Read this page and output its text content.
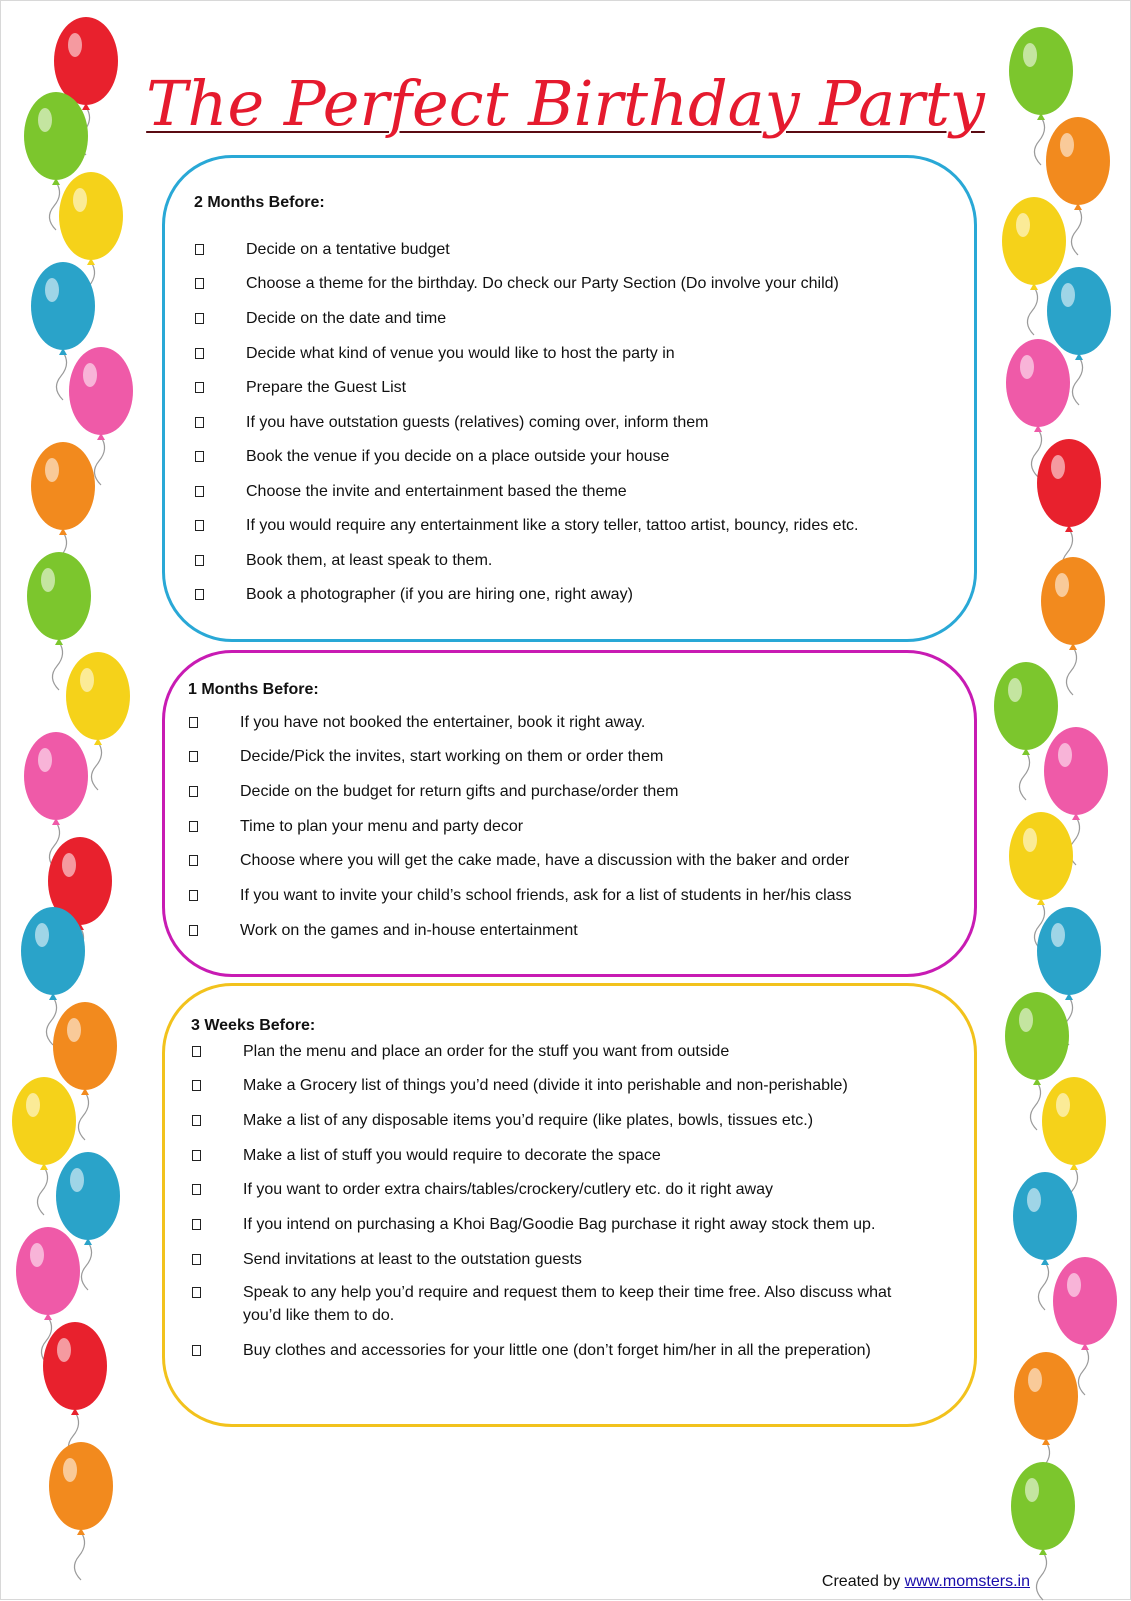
The Perfect Birthday Party
2 Months Before:
Decide on a tentative budget
Choose a theme for the birthday. Do check our Party Section (Do involve your child)
Decide on the date and time
Decide what kind of venue you would like to host the party in
Prepare the Guest List
If you have outstation guests (relatives) coming over, inform them
Book the venue if you decide on a place outside your house
Choose the invite and entertainment based the theme
If you would require any entertainment like a story teller, tattoo artist, bouncy, rides etc.
Book them, at least speak to them.
Book a photographer (if you are hiring one, right away)
1 Months Before:
If you have not booked the entertainer, book it right away.
Decide/Pick the invites, start working on them or order them
Decide on the budget for return gifts and purchase/order them
Time to plan your menu and party decor
Choose where you will get the cake made, have a discussion with the baker and order
If you want to invite your child’s school friends, ask for a list of students in her/his class
Work on the games and in-house entertainment
3 Weeks Before:
Plan the menu and place an order for the stuff you want from outside
Make a Grocery list of things you’d need (divide it into perishable and non-perishable)
Make a list of any disposable items you’d require (like plates, bowls, tissues etc.)
Make a list of stuff you would require to decorate the space
If you want to order extra chairs/tables/crockery/cutlery etc. do it right away
If you intend on purchasing a Khoi Bag/Goodie Bag purchase it right away stock them up.
Send invitations at least to the outstation guests
Speak to any help you’d require and request them to keep their time free. Also discuss what you’d like them to do.
Buy clothes and accessories for your little one (don’t forget him/her in all the preperation)
Created by www.momsters.in
